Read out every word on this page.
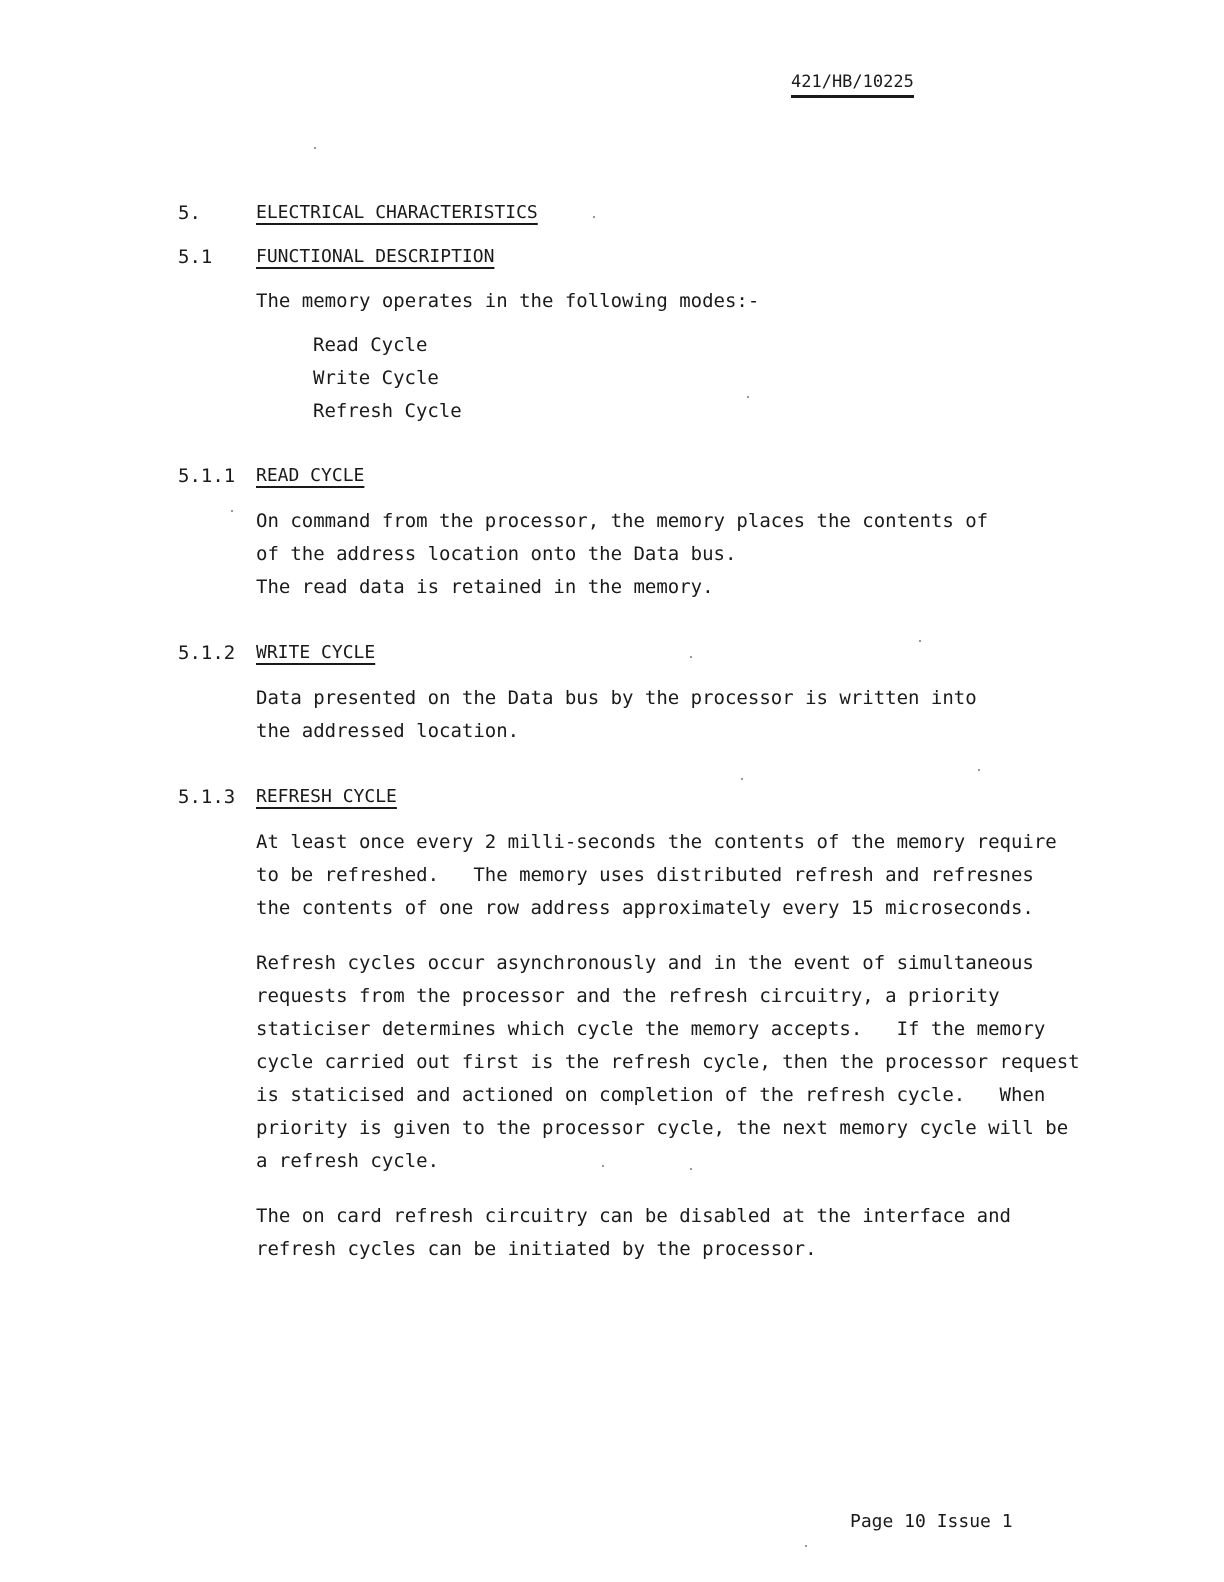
421/HB/10225
5.	ELECTRICAL CHARACTERISTICS
5.1 FUNCTIONAL DESCRIPTION
The memory operates in the following modes:-
Read Cycle
Write Cycle
Refresh Cycle
5.1.1 READ CYCLE
On command from the processor, the memory places the contents of
of the address location onto the Data bus.
The read data is retained in the memory.
5.1.2 WRITE CYCLE
Data presented on the Data bus by the processor is written into
the addressed location.
5.1.3 REFRESH CYCLE
At least once every 2 milli-seconds the contents of the memory require
to be refreshed.   The memory uses distributed refresh and refresnes
the contents of one row address approximately every 15 microseconds.
Refresh cycles occur asynchronously and in the event of simultaneous
requests from the processor and the refresh circuitry, a priority
staticiser determines which cycle the memory accepts.   If the memory
cycle carried out first is the refresh cycle, then the processor request
is staticised and actioned on completion of the refresh cycle.   When
priority is given to the processor cycle, the next memory cycle will be
a refresh cycle.
The on card refresh circuitry can be disabled at the interface and
refresh cycles can be initiated by the processor.
Page 10 Issue 1
